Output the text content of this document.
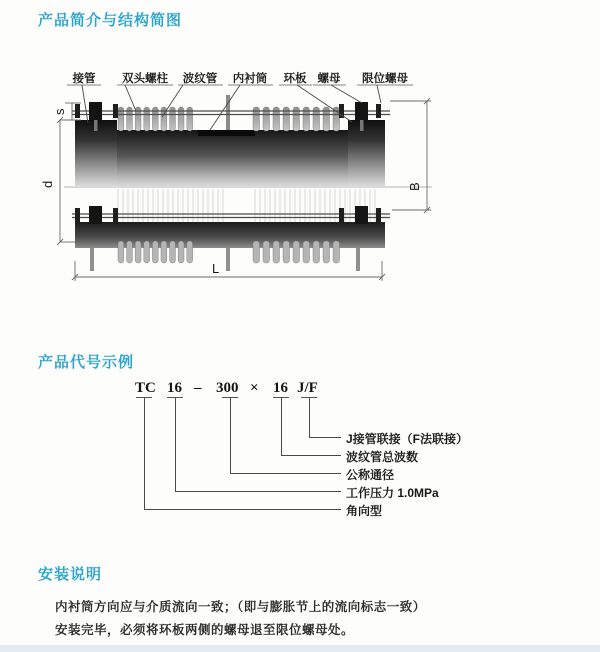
产品简介与结构简图
s
d	B
L
接管 双头螺柱 波纹管 内衬筒 环板 螺母 限位螺母
产品代号示例
TC 16 – 300 × 16 J/F
J接管联接（F法联接）
波纹管总波数
公称通径
工作压力 1.0MPa
角向型
安装说明
内衬筒方向应与介质流向一致；（即与膨胀节上的流向标志一致）
安装完毕，必须将环板两侧的螺母退至限位螺母处。
